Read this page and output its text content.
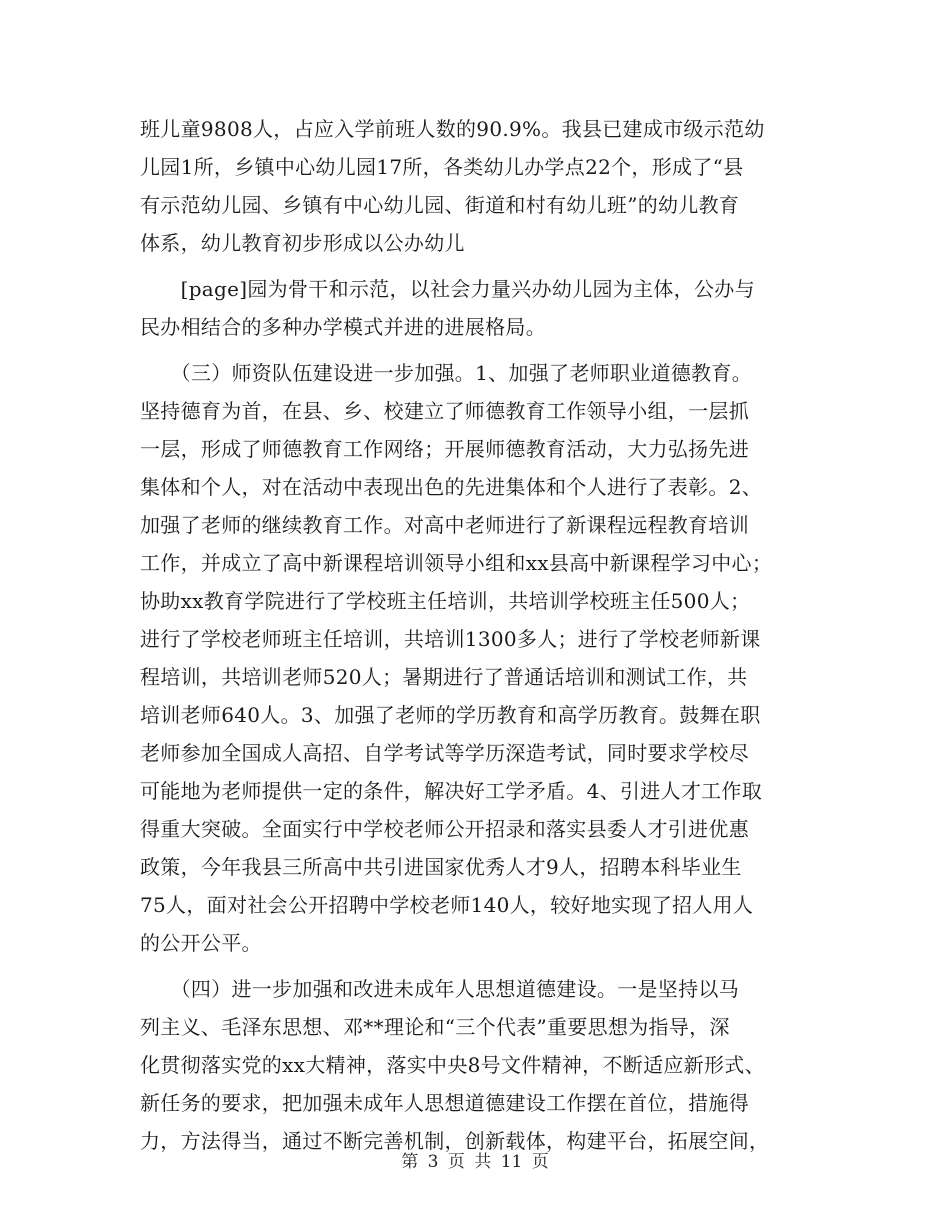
班儿童9808人，占应入学前班人数的90.9%。我县已建成市级示范幼
儿园1所，乡镇中心幼儿园17所，各类幼儿办学点22个，形成了“县
有示范幼儿园、乡镇有中心幼儿园、街道和村有幼儿班”的幼儿教育
体系，幼儿教育初步形成以公办幼儿
　　[page]园为骨干和示范，以社会力量兴办幼儿园为主体，公办与
民办相结合的多种办学模式并进的进展格局。
　　（三）师资队伍建设进一步加强。1、加强了老师职业道德教育。
坚持德育为首，在县、乡、校建立了师德教育工作领导小组，一层抓
一层，形成了师德教育工作网络；开展师德教育活动，大力弘扬先进
集体和个人，对在活动中表现出色的先进集体和个人进行了表彰。2、
加强了老师的继续教育工作。对高中老师进行了新课程远程教育培训
工作，并成立了高中新课程培训领导小组和xx县高中新课程学习中心；
协助xx教育学院进行了学校班主任培训，共培训学校班主任500人；
进行了学校老师班主任培训，共培训1300多人；进行了学校老师新课
程培训，共培训老师520人；暑期进行了普通话培训和测试工作，共
培训老师640人。3、加强了老师的学历教育和高学历教育。鼓舞在职
老师参加全国成人高招、自学考试等学历深造考试，同时要求学校尽
可能地为老师提供一定的条件，解决好工学矛盾。4、引进人才工作取
得重大突破。全面实行中学校老师公开招录和落实县委人才引进优惠
政策，今年我县三所高中共引进国家优秀人才9人，招聘本科毕业生
75人，面对社会公开招聘中学校老师140人，较好地实现了招人用人
的公开公平。
　　（四）进一步加强和改进未成年人思想道德建设。一是坚持以马
列主义、毛泽东思想、邓**理论和“三个代表”重要思想为指导，深
化贯彻落实党的xx大精神，落实中央8号文件精神，不断适应新形式、
新任务的要求，把加强未成年人思想道德建设工作摆在首位，措施得
力，方法得当，通过不断完善机制，创新载体，构建平台，拓展空间，
第 3 页 共 11 页
